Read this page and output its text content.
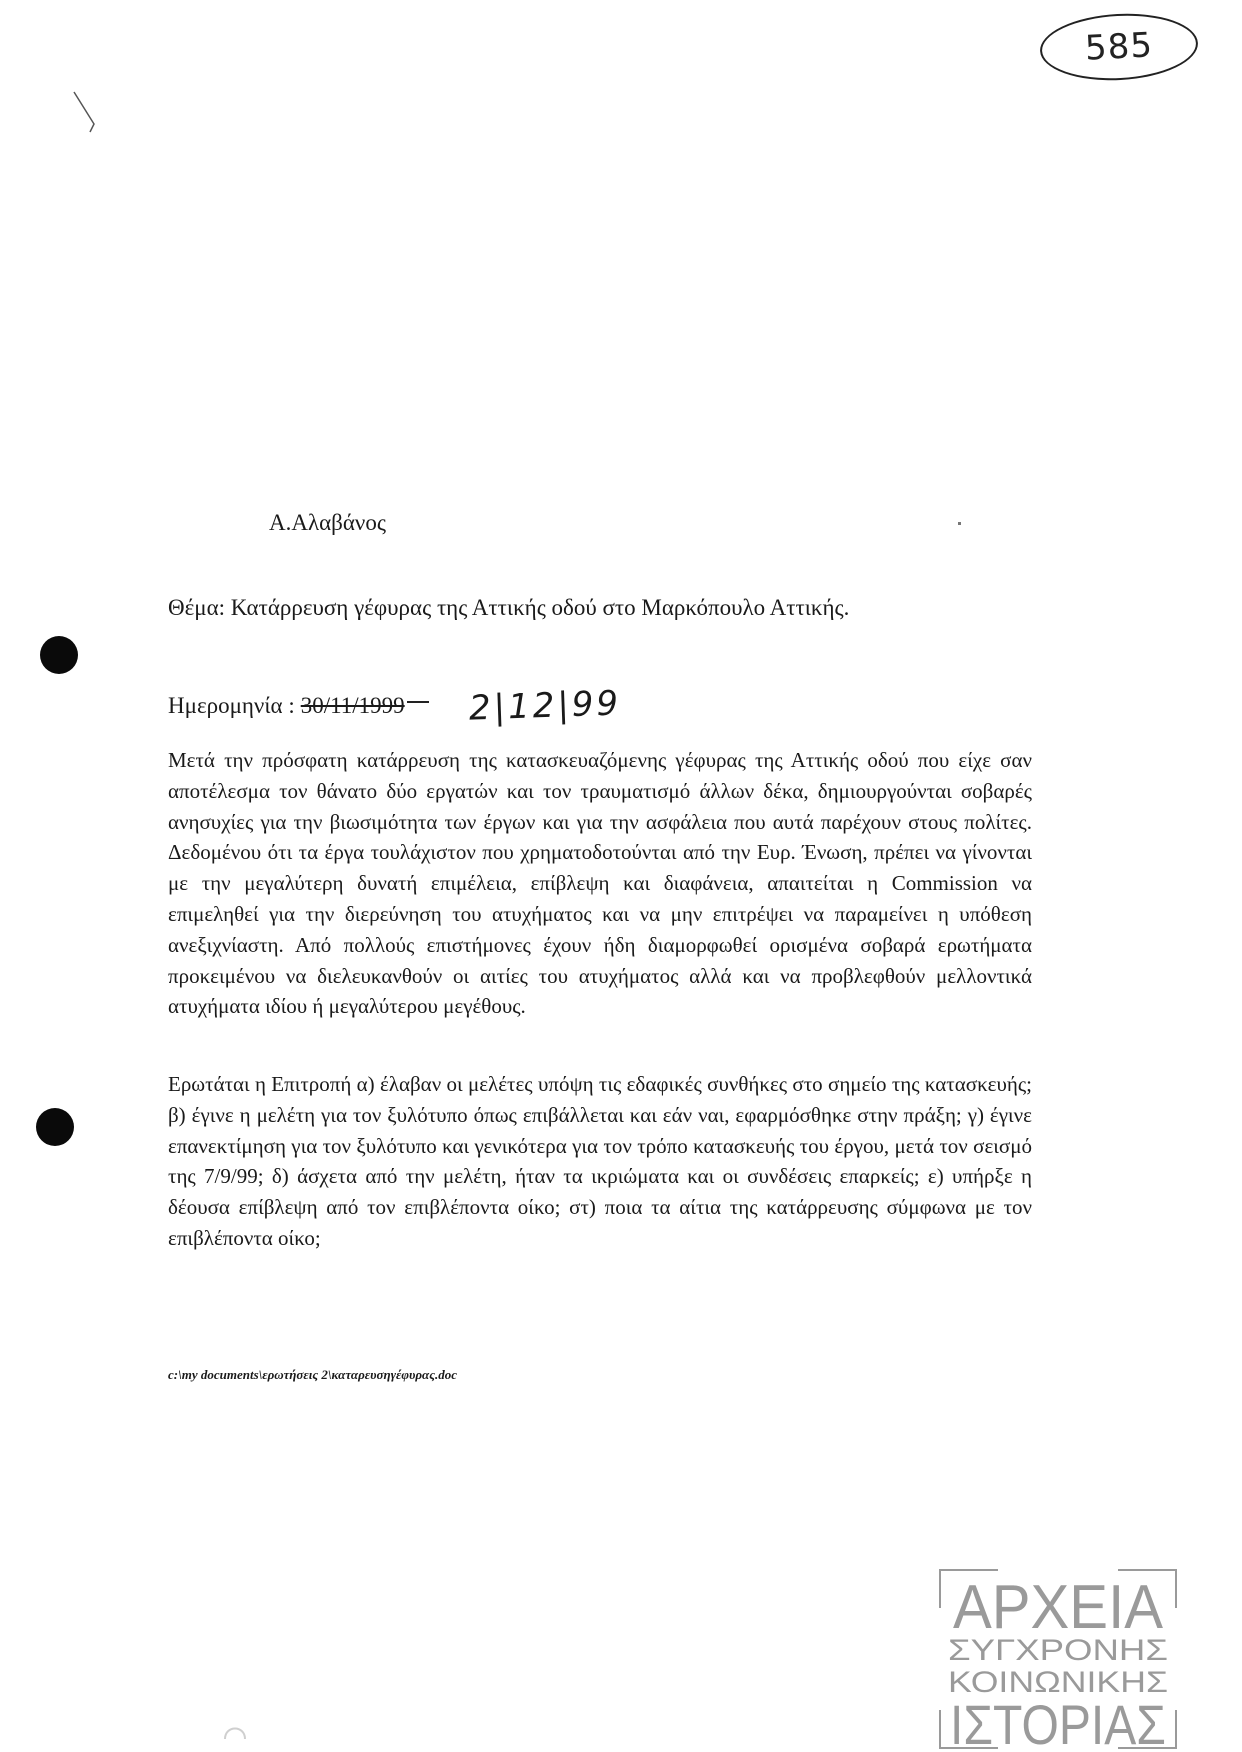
585
Α.Αλαβάνος
Θέμα: Κατάρρευση γέφυρας της Αττικής οδού στο Μαρκόπουλο Αττικής.
Ημερομηνία : 30/11/1999 2|12|99
Μετά την πρόσφατη κατάρρευση της κατασκευαζόμενης γέφυρας της Αττικής οδού που είχε σαν αποτέλεσμα τον θάνατο δύο εργατών και τον τραυματισμό άλλων δέκα, δημιουργούνται σοβαρές ανησυχίες για την βιωσιμότητα των έργων και για την ασφάλεια που αυτά παρέχουν στους πολίτες. Δεδομένου ότι τα έργα τουλάχιστον που χρηματοδοτούνται από την Ευρ. Ένωση, πρέπει να γίνονται με την μεγαλύτερη δυνατή επιμέλεια, επίβλεψη και διαφάνεια, απαιτείται η Commission να επιμεληθεί για την διερεύνηση του ατυχήματος και να μην επιτρέψει να παραμείνει η υπόθεση ανεξιχνίαστη. Από πολλούς επιστήμονες έχουν ήδη διαμορφωθεί ορισμένα σοβαρά ερωτήματα προκειμένου να διελευκανθούν οι αιτίες του ατυχήματος αλλά και να προβλεφθούν μελλοντικά ατυχήματα ιδίου ή μεγαλύτερου μεγέθους.
Ερωτάται η Επιτροπή α) έλαβαν οι μελέτες υπόψη τις εδαφικές συνθήκες στο σημείο της κατασκευής; β) έγινε η μελέτη για τον ξυλότυπο όπως επιβάλλεται και εάν ναι, εφαρμόσθηκε στην πράξη; γ) έγινε επανεκτίμηση για τον ξυλότυπο και γενικότερα για τον τρόπο κατασκευής του έργου, μετά τον σεισμό της 7/9/99; δ) άσχετα από την μελέτη, ήταν τα ικριώματα και οι συνδέσεις επαρκείς; ε) υπήρξε η δέουσα επίβλεψη από τον επιβλέποντα οίκο; στ) ποια τα αίτια της κατάρρευσης σύμφωνα με τον επιβλέποντα οίκο;
c:\my documents\ερωτήσεις 2\καταρευσηγέφυρας.doc
ΑΡΧΕΙΑ
ΣΥΓΧΡΟΝΗΣ
ΚΟΙΝΩΝΙΚΗΣ
ΙΣΤΟΡΙΑΣ
